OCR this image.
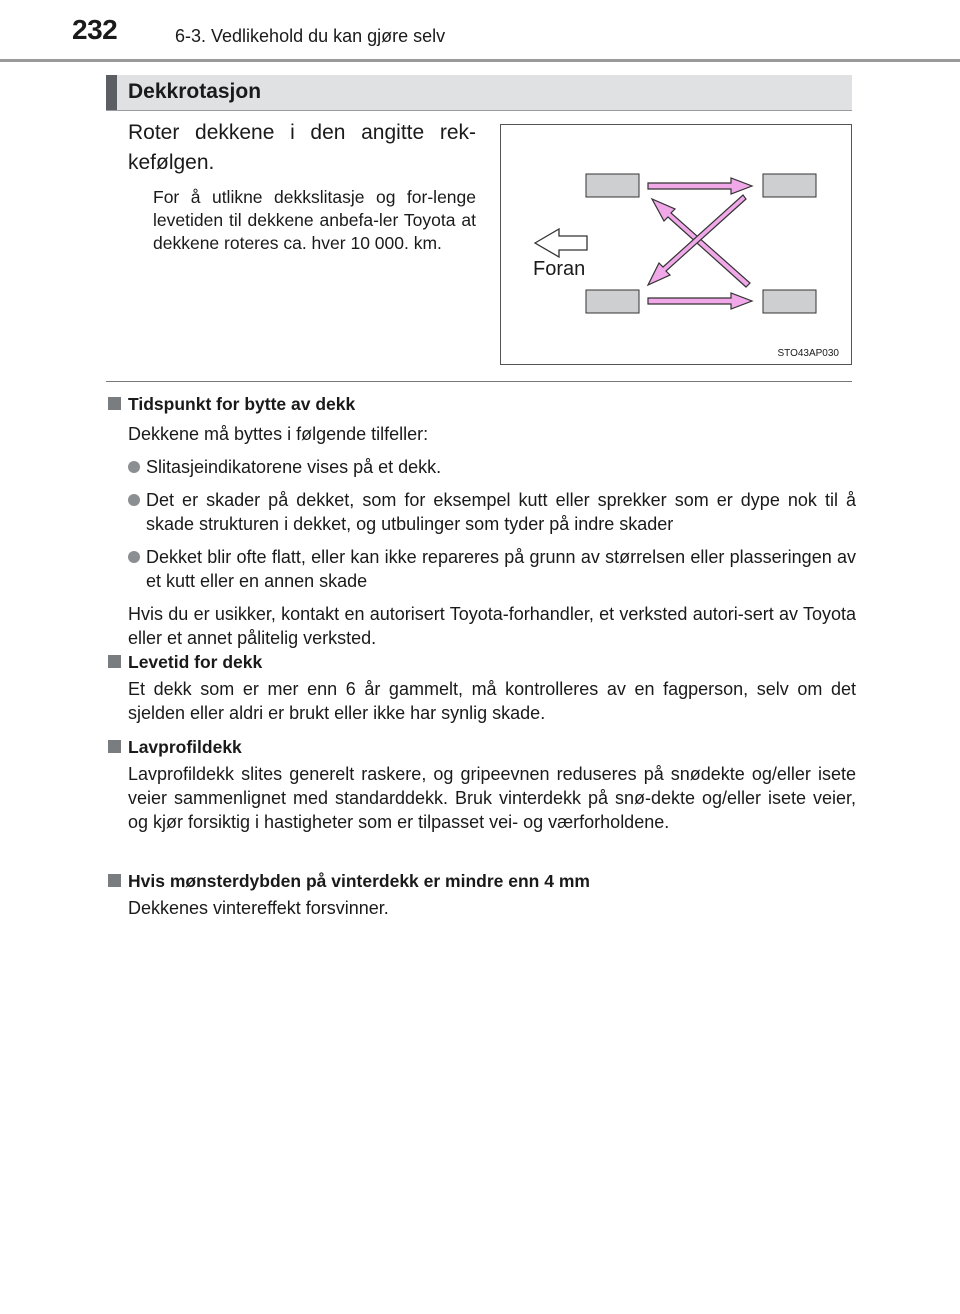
232	6-3. Vedlikehold du kan gjøre selv
Dekkrotasjon
Roter dekkene i den angitte rek-kefølgen.
For å utlikne dekkslitasje og for-lenge levetiden til dekkene anbefa-ler Toyota at dekkene roteres ca. hver 10 000. km.
Foran
STO43AP030
Tidspunkt for bytte av dekk
Dekkene må byttes i følgende tilfeller:
Slitasjeindikatorene vises på et dekk.
Det er skader på dekket, som for eksempel kutt eller sprekker som er dype nok til å skade strukturen i dekket, og utbulinger som tyder på indre skader
Dekket blir ofte flatt, eller kan ikke repareres på grunn av størrelsen eller plasseringen av et kutt eller en annen skade
Hvis du er usikker, kontakt en autorisert Toyota-forhandler, et verksted autori-sert av Toyota eller et annet pålitelig verksted.
Levetid for dekk
Et dekk som er mer enn 6 år gammelt, må kontrolleres av en fagperson, selv om det sjelden eller aldri er brukt eller ikke har synlig skade.
Lavprofildekk
Lavprofildekk slites generelt raskere, og gripeevnen reduseres på snødekte og/eller isete veier sammenlignet med standarddekk. Bruk vinterdekk på snø-dekte og/eller isete veier, og kjør forsiktig i hastigheter som er tilpasset vei- og værforholdene.
Hvis mønsterdybden på vinterdekk er mindre enn 4 mm
Dekkenes vintereffekt forsvinner.
